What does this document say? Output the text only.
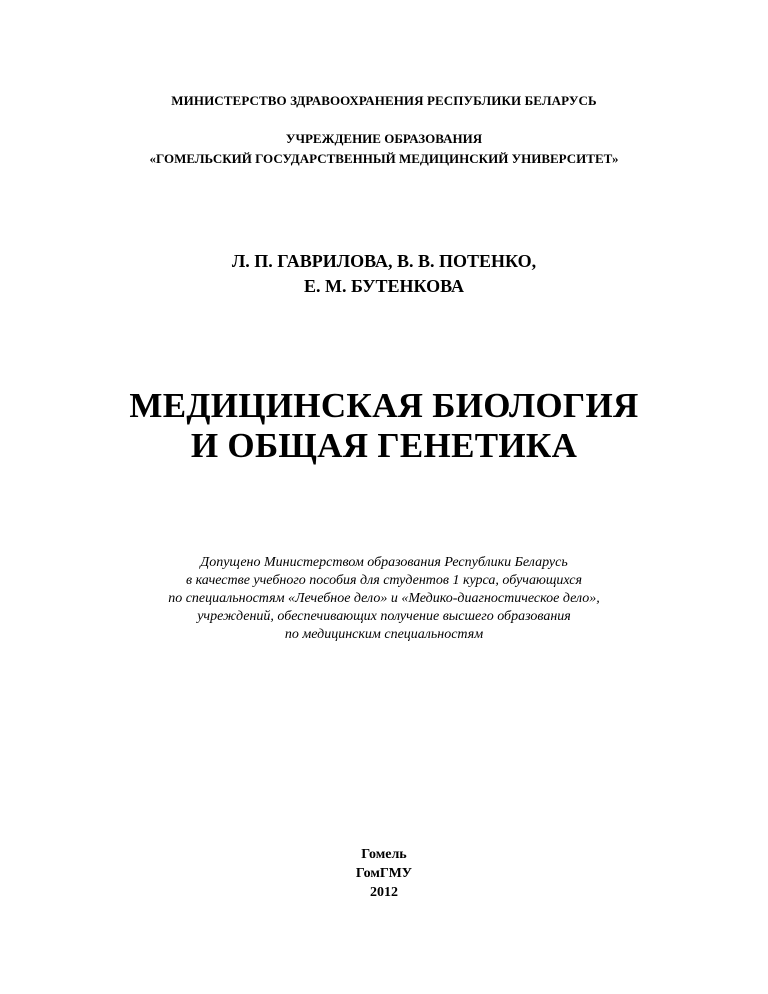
МИНИСТЕРСТВО ЗДРАВООХРАНЕНИЯ РЕСПУБЛИКИ БЕЛАРУСЬ
УЧРЕЖДЕНИЕ ОБРАЗОВАНИЯ
«ГОМЕЛЬСКИЙ ГОСУДАРСТВЕННЫЙ МЕДИЦИНСКИЙ УНИВЕРСИТЕТ»
Л. П. ГАВРИЛОВА, В. В. ПОТЕНКО,
Е. М. БУТЕНКОВА
МЕДИЦИНСКАЯ БИОЛОГИЯ
И ОБЩАЯ ГЕНЕТИКА
Допущено Министерством образования Республики Беларусь
в качестве учебного пособия для студентов 1 курса, обучающихся
по специальностям «Лечебное дело» и «Медико-диагностическое дело»,
учреждений, обеспечивающих получение высшего образования
по медицинским специальностям
Гомель
ГомГМУ
2012
